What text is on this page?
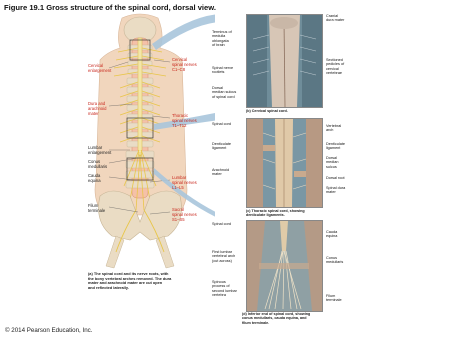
Figure 19.1 Gross structure of the spinal cord, dorsal view.
Cervical
enlargement
Cervical
spinal nerves
C1–C8
Dura and
arachnoid
mater	Thoracic
spinal nerves
T1–T12
Lumbar
enlargement
Conus
medullaris
Cauda
equina
Lumbar
spinal nerves
L1–L5
Filum
terminale	Sacral
spinal nerves
S1–S5
(a) The spinal cord and its nerve roots, with
the bony vertebral arches removed. The dura
mater and arachnoid mater are cut open
and reflected laterally.
Cranial
dura mater
Terminus of
medulla
oblongata
of brain
Sectioned
pedicles of
cervical
vertebrae
Spinal nerve
rootlets
Dorsal
median sulcus
of spinal cord
(b) Cervical spinal cord.
Spinal cord	Vertebral
arch
Denticulate
ligament
Denticulate
ligament
Arachnoid
mater
Dorsal
median
sulcus
Dorsal root
Spinal dura
mater
(c) Thoracic spinal cord, showing
denticulate ligaments.
Spinal cord
Cauda
equina
First lumbar
vertebral arch
(cut across)
Conus
medullaris
Spinous
process of
second lumbar
vertebra	Filum
terminale
(d) Inferior end of spinal cord, showing
conus medullaris, cauda equina, and
filum terminale.
© 2014 Pearson Education, Inc.
